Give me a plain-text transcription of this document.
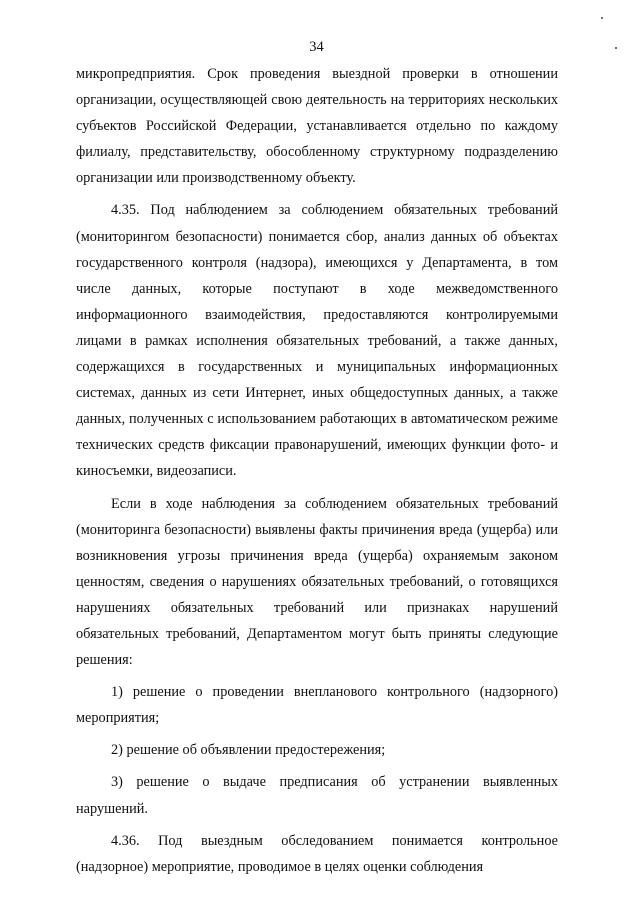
34

микропредприятия. Срок проведения выездной проверки в отношении организации, осуществляющей свою деятельность на территориях нескольких субъектов Российской Федерации, устанавливается отдельно по каждому филиалу, представительству, обособленному структурному подразделению организации или производственному объекту.

4.35. Под наблюдением за соблюдением обязательных требований (мониторингом безопасности) понимается сбор, анализ данных об объектах государственного контроля (надзора), имеющихся у Департамента, в том числе данных, которые поступают в ходе межведомственного информационного взаимодействия, предоставляются контролируемыми лицами в рамках исполнения обязательных требований, а также данных, содержащихся в государственных и муниципальных информационных системах, данных из сети Интернет, иных общедоступных данных, а также данных, полученных с использованием работающих в автоматическом режиме технических средств фиксации правонарушений, имеющих функции фото- и киносъемки, видеозаписи.

Если в ходе наблюдения за соблюдением обязательных требований (мониторинга безопасности) выявлены факты причинения вреда (ущерба) или возникновения угрозы причинения вреда (ущерба) охраняемым законом ценностям, сведения о нарушениях обязательных требований, о готовящихся нарушениях обязательных требований или признаках нарушений обязательных требований, Департаментом могут быть приняты следующие решения:

1) решение о проведении внепланового контрольного (надзорного) мероприятия;

2) решение об объявлении предостережения;

3) решение о выдаче предписания об устранении выявленных нарушений.

4.36. Под выездным обследованием понимается контрольное (надзорное) мероприятие, проводимое в целях оценки соблюдения
